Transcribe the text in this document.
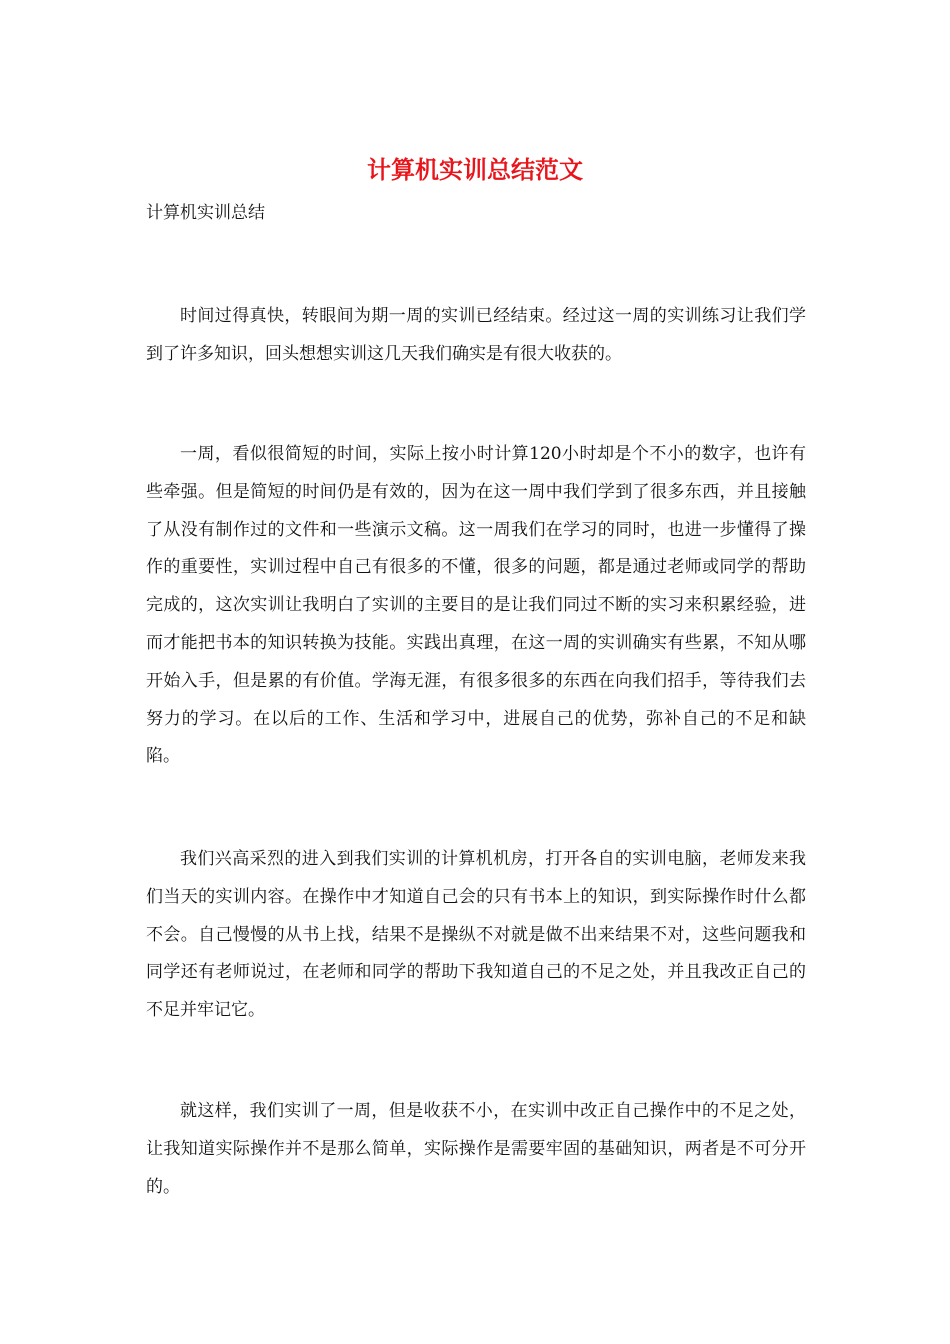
计算机实训总结范文

计算机实训总结

时间过得真快，转眼间为期一周的实训已经结束。经过这一周的实训练习让我们学到了许多知识，回头想想实训这几天我们确实是有很大收获的。

一周，看似很简短的时间，实际上按小时计算120小时却是个不小的数字，也许有些牵强。但是简短的时间仍是有效的，因为在这一周中我们学到了很多东西，并且接触了从没有制作过的文件和一些演示文稿。这一周我们在学习的同时，也进一步懂得了操作的重要性，实训过程中自己有很多的不懂，很多的问题，都是通过老师或同学的帮助完成的，这次实训让我明白了实训的主要目的是让我们同过不断的实习来积累经验，进而才能把书本的知识转换为技能。实践出真理，在这一周的实训确实有些累，不知从哪开始入手，但是累的有价值。学海无涯，有很多很多的东西在向我们招手，等待我们去努力的学习。在以后的工作、生活和学习中，进展自己的优势，弥补自己的不足和缺陷。

我们兴高采烈的进入到我们实训的计算机机房，打开各自的实训电脑，老师发来我们当天的实训内容。在操作中才知道自己会的只有书本上的知识，到实际操作时什么都不会。自己慢慢的从书上找，结果不是操纵不对就是做不出来结果不对，这些问题我和同学还有老师说过，在老师和同学的帮助下我知道自己的不足之处，并且我改正自己的不足并牢记它。

就这样，我们实训了一周，但是收获不小，在实训中改正自己操作中的不足之处，让我知道实际操作并不是那么简单，实际操作是需要牢固的基础知识，两者是不可分开的。
